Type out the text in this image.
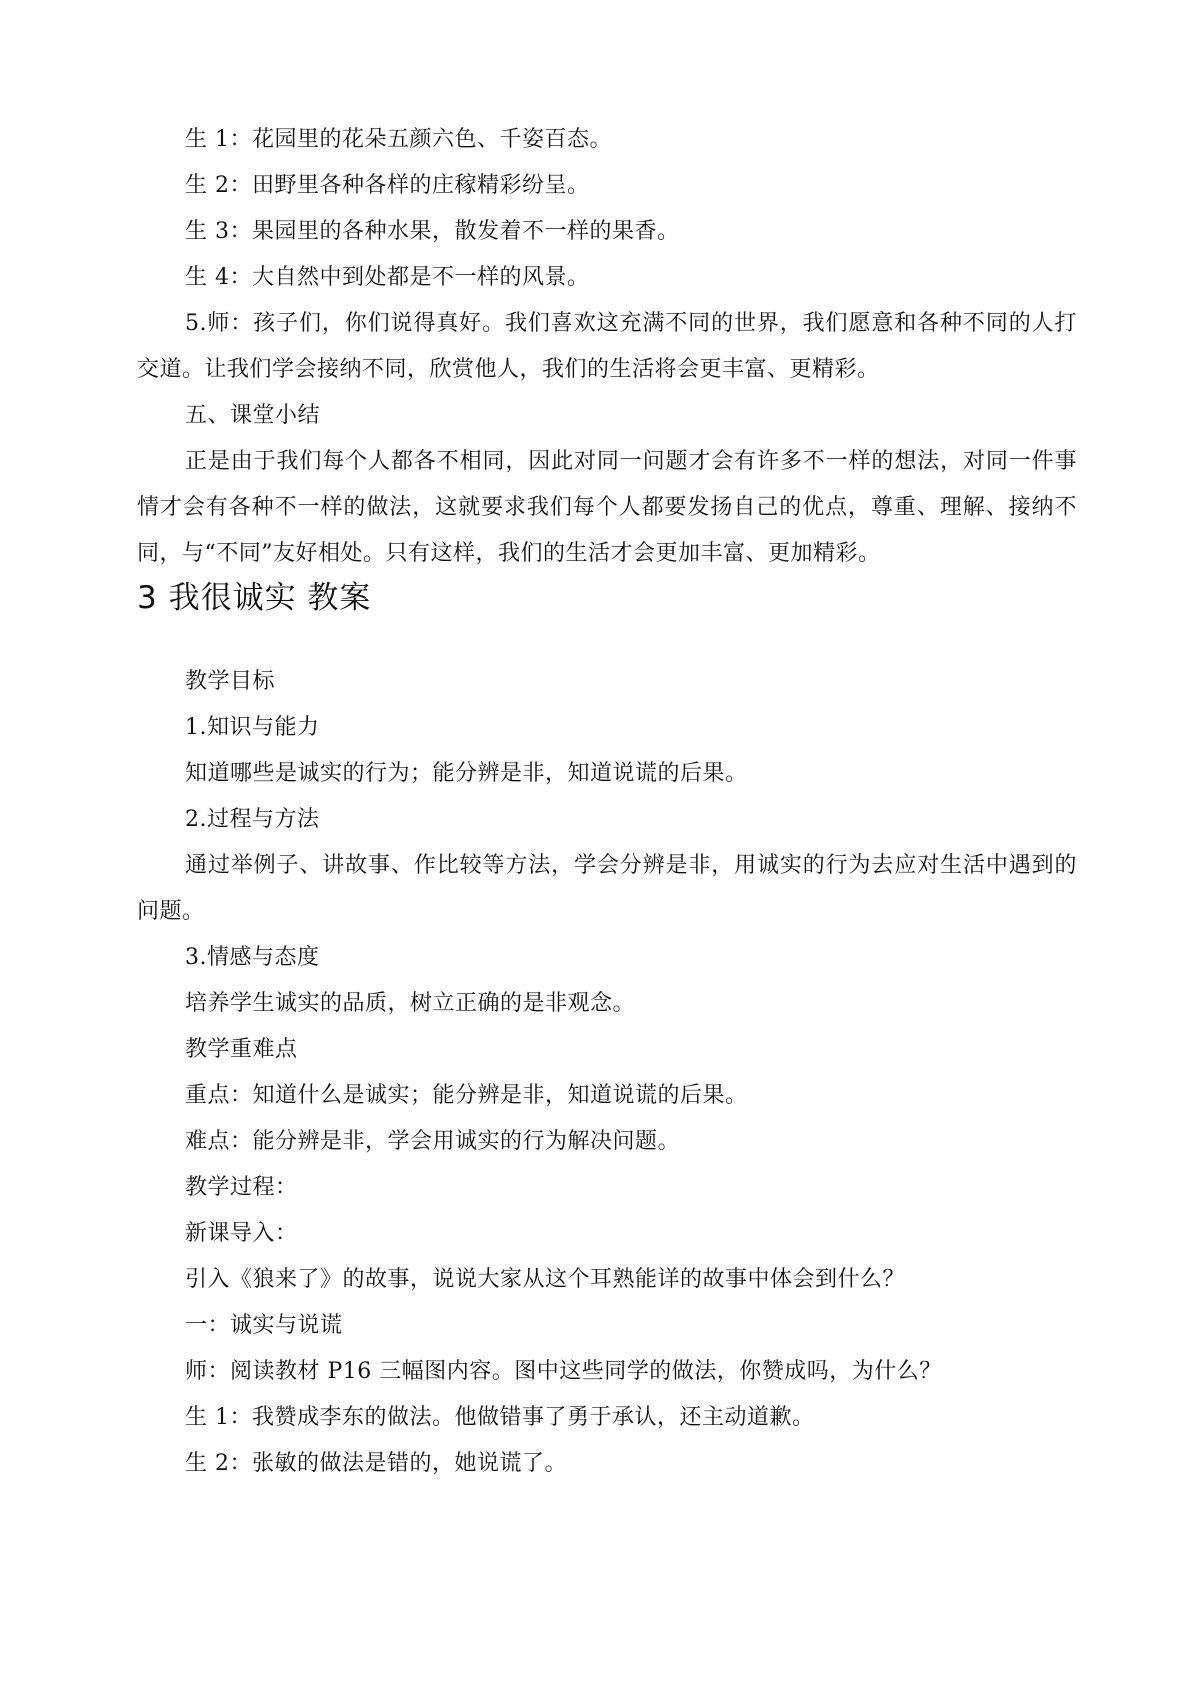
生 1：花园里的花朵五颜六色、千姿百态。

生 2：田野里各种各样的庄稼精彩纷呈。

生 3：果园里的各种水果，散发着不一样的果香。

生 4：大自然中到处都是不一样的风景。

5.师：孩子们，你们说得真好。我们喜欢这充满不同的世界，我们愿意和各种不同的人打交道。让我们学会接纳不同，欣赏他人，我们的生活将会更丰富、更精彩。

五、课堂小结

正是由于我们每个人都各不相同，因此对同一问题才会有许多不一样的想法，对同一件事情才会有各种不一样的做法，这就要求我们每个人都要发扬自己的优点，尊重、理解、接纳不同，与“不同”友好相处。只有这样，我们的生活才会更加丰富、更加精彩。

3 我很诚实 教案

教学目标

1.知识与能力

知道哪些是诚实的行为；能分辨是非，知道说谎的后果。

2.过程与方法

通过举例子、讲故事、作比较等方法，学会分辨是非，用诚实的行为去应对生活中遇到的问题。

3.情感与态度

培养学生诚实的品质，树立正确的是非观念。

教学重难点

重点：知道什么是诚实；能分辨是非，知道说谎的后果。

难点：能分辨是非，学会用诚实的行为解决问题。

教学过程：

新课导入：

引入《狼来了》的故事，说说大家从这个耳熟能详的故事中体会到什么？

一：诚实与说谎

师：阅读教材 P16 三幅图内容。图中这些同学的做法，你赞成吗，为什么？

生 1：我赞成李东的做法。他做错事了勇于承认，还主动道歉。

生 2：张敏的做法是错的，她说谎了。
